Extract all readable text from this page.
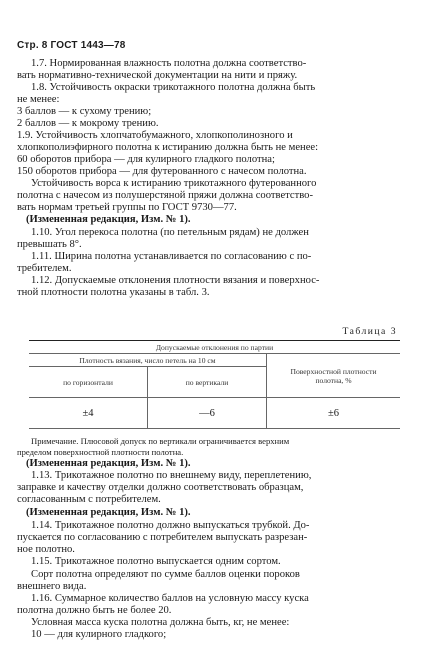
Стр. 8 ГОСТ 1443—78
1.7. Нормированная влажность полотна должна соответство-
вать нормативно-технической документации на нити и пряжу.
1.8. Устойчивость окраски трикотажного полотна должна быть
не менее:
3 баллов — к сухому трению;
2 баллов — к мокрому трению.
1.9. Устойчивость хлопчатобумажного, хлопкополинозного и
хлопкополиэфирного полотна к истиранию должна быть не менее:
60 оборотов прибора — для кулирного гладкого полотна;
150 оборотов прибора — для футерованного с начесом полотна.
Устойчивость ворса к истиранию трикотажного футерованного
полотна с начесом из полушерстяной пряжи должна соответство-
вать нормам третьей группы по ГОСТ 9730—77.
(Измененная редакция, Изм. № 1).
1.10. Угол перекоса полотна (по петельным рядам) не должен
превышать 8°.
1.11. Ширина полотна устанавливается по согласованию с по-
требителем.
1.12. Допускаемые отклонения плотности вязания и поверхнос-
тной плотности полотна указаны в табл. 3.
Таблица 3
Допускаемые отклонения по партии		
Плотность вязания, число петель на 10 см		Поверхностной плотности полотна, %
по горизонтали	по вертикали	
±4	—6	±6
Примечание. Плюсовой допуск по вертикали ограничивается верхним
пределом поверхностной плотности полотна.
(Измененная редакция, Изм. № 1).
1.13. Трикотажное полотно по внешнему виду, переплетению,
заправке и качеству отделки должно соответствовать образцам,
согласованным с потребителем.
(Измененная редакция, Изм. № 1).
1.14. Трикотажное полотно должно выпускаться трубкой. До-
пускается по согласованию с потребителем выпускать разрезан-
ное полотно.
1.15. Трикотажное полотно выпускается одним сортом.
Сорт полотна определяют по сумме баллов оценки пороков
внешнего вида.
1.16. Суммарное количество баллов на условную массу куска
полотна должно быть не более 20.
Условная масса куска полотна должна быть, кг, не менее:
10 — для кулирного гладкого;
